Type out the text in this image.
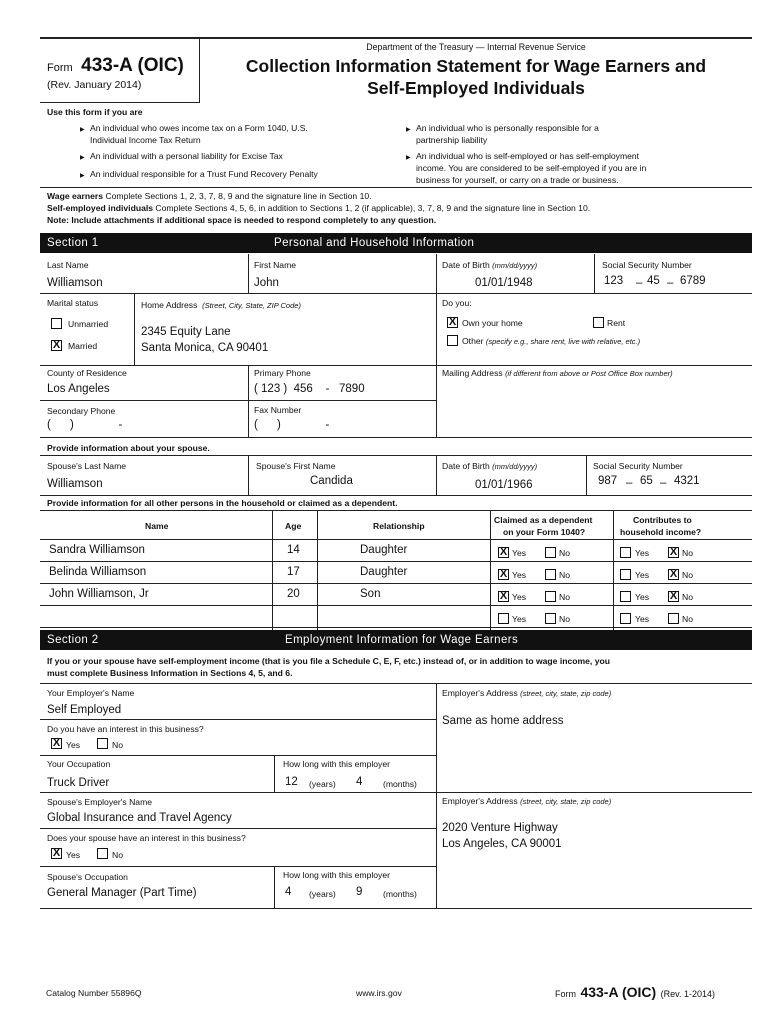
Form 433-A (OIC)
(Rev. January 2014)
Department of the Treasury — Internal Revenue Service
Collection Information Statement for Wage Earners and
Self-Employed Individuals
Use this form if you are
▶ An individual who owes income tax on a Form 1040, U.S.
Individual Income Tax Return
▶ An individual with a personal liability for Excise Tax
▶ An individual responsible for a Trust Fund Recovery Penalty
▶ An individual who is personally responsible for a
partnership liability
▶ An individual who is self-employed or has self-employment
income. You are considered to be self-employed if you are in
business for yourself, or carry on a trade or business.
Wage earners Complete Sections 1, 2, 3, 7, 8, 9 and the signature line in Section 10.
Self-employed individuals Complete Sections 4, 5, 6, in addition to Sections 1, 2 (if applicable), 3, 7, 8, 9 and the signature line in Section 10.
Note: Include attachments if additional space is needed to respond completely to any question.
Section 1	Personal and Household Information
Last Name
Williamson
First Name
John
Date of Birth (mm/dd/yyyy)
01/01/1948
Social Security Number
123 – 45 – 6789
Marital status
Unmarried
X Married
Home Address (Street, City, State, ZIP Code)
2345 Equity Lane
Santa Monica, CA 90401
Do you:
X Own your home	Rent
Other (specify e.g., share rent, live with relative, etc.)
County of Residence
Los Angeles
Primary Phone
( 123 )  456    -   7890
Mailing Address (if different from above or Post Office Box number)
Secondary Phone
(      )              -
Fax Number
(      )              -
Provide information about your spouse.
Spouse's Last Name
Williamson
Spouse's First Name
Candida
Date of Birth (mm/dd/yyyy)
01/01/1966
Social Security Number
987 – 65 – 4321
Provide information for all other persons in the household or claimed as a dependent.
Name	Age	Relationship
Claimed as a dependent
on your Form 1040?
Contributes to
household income?
Sandra Williamson	14	Daughter	X Yes	No	Yes X No
Belinda Williamson	17	Daughter	X Yes	No	Yes X No
John Williamson, Jr	20	Son	X Yes	No	Yes X No
Yes	No	Yes	No
Section 2	Employment Information for Wage Earners
If you or your spouse have self-employment income (that is you file a Schedule C, E, F, etc.) instead of, or in addition to wage income, you
must complete Business Information in Sections 4, 5, and 6.
Your Employer's Name
Self Employed
Employer's Address (street, city, state, zip code)
Same as home address
Do you have an interest in this business?
X Yes	No
Your Occupation
Truck Driver
How long with this employer
12 (years) 4 (months)
Spouse's Employer's Name
Global Insurance and Travel Agency
Employer's Address (street, city, state, zip code)
2020 Venture Highway
Los Angeles, CA 90001
Does your spouse have an interest in this business?
X Yes	No
Spouse's Occupation
General Manager (Part Time)
How long with this employer
4 (years) 9 (months)
Catalog Number 55896Q	www.irs.gov	Form 433-A (OIC) (Rev. 1-2014)
